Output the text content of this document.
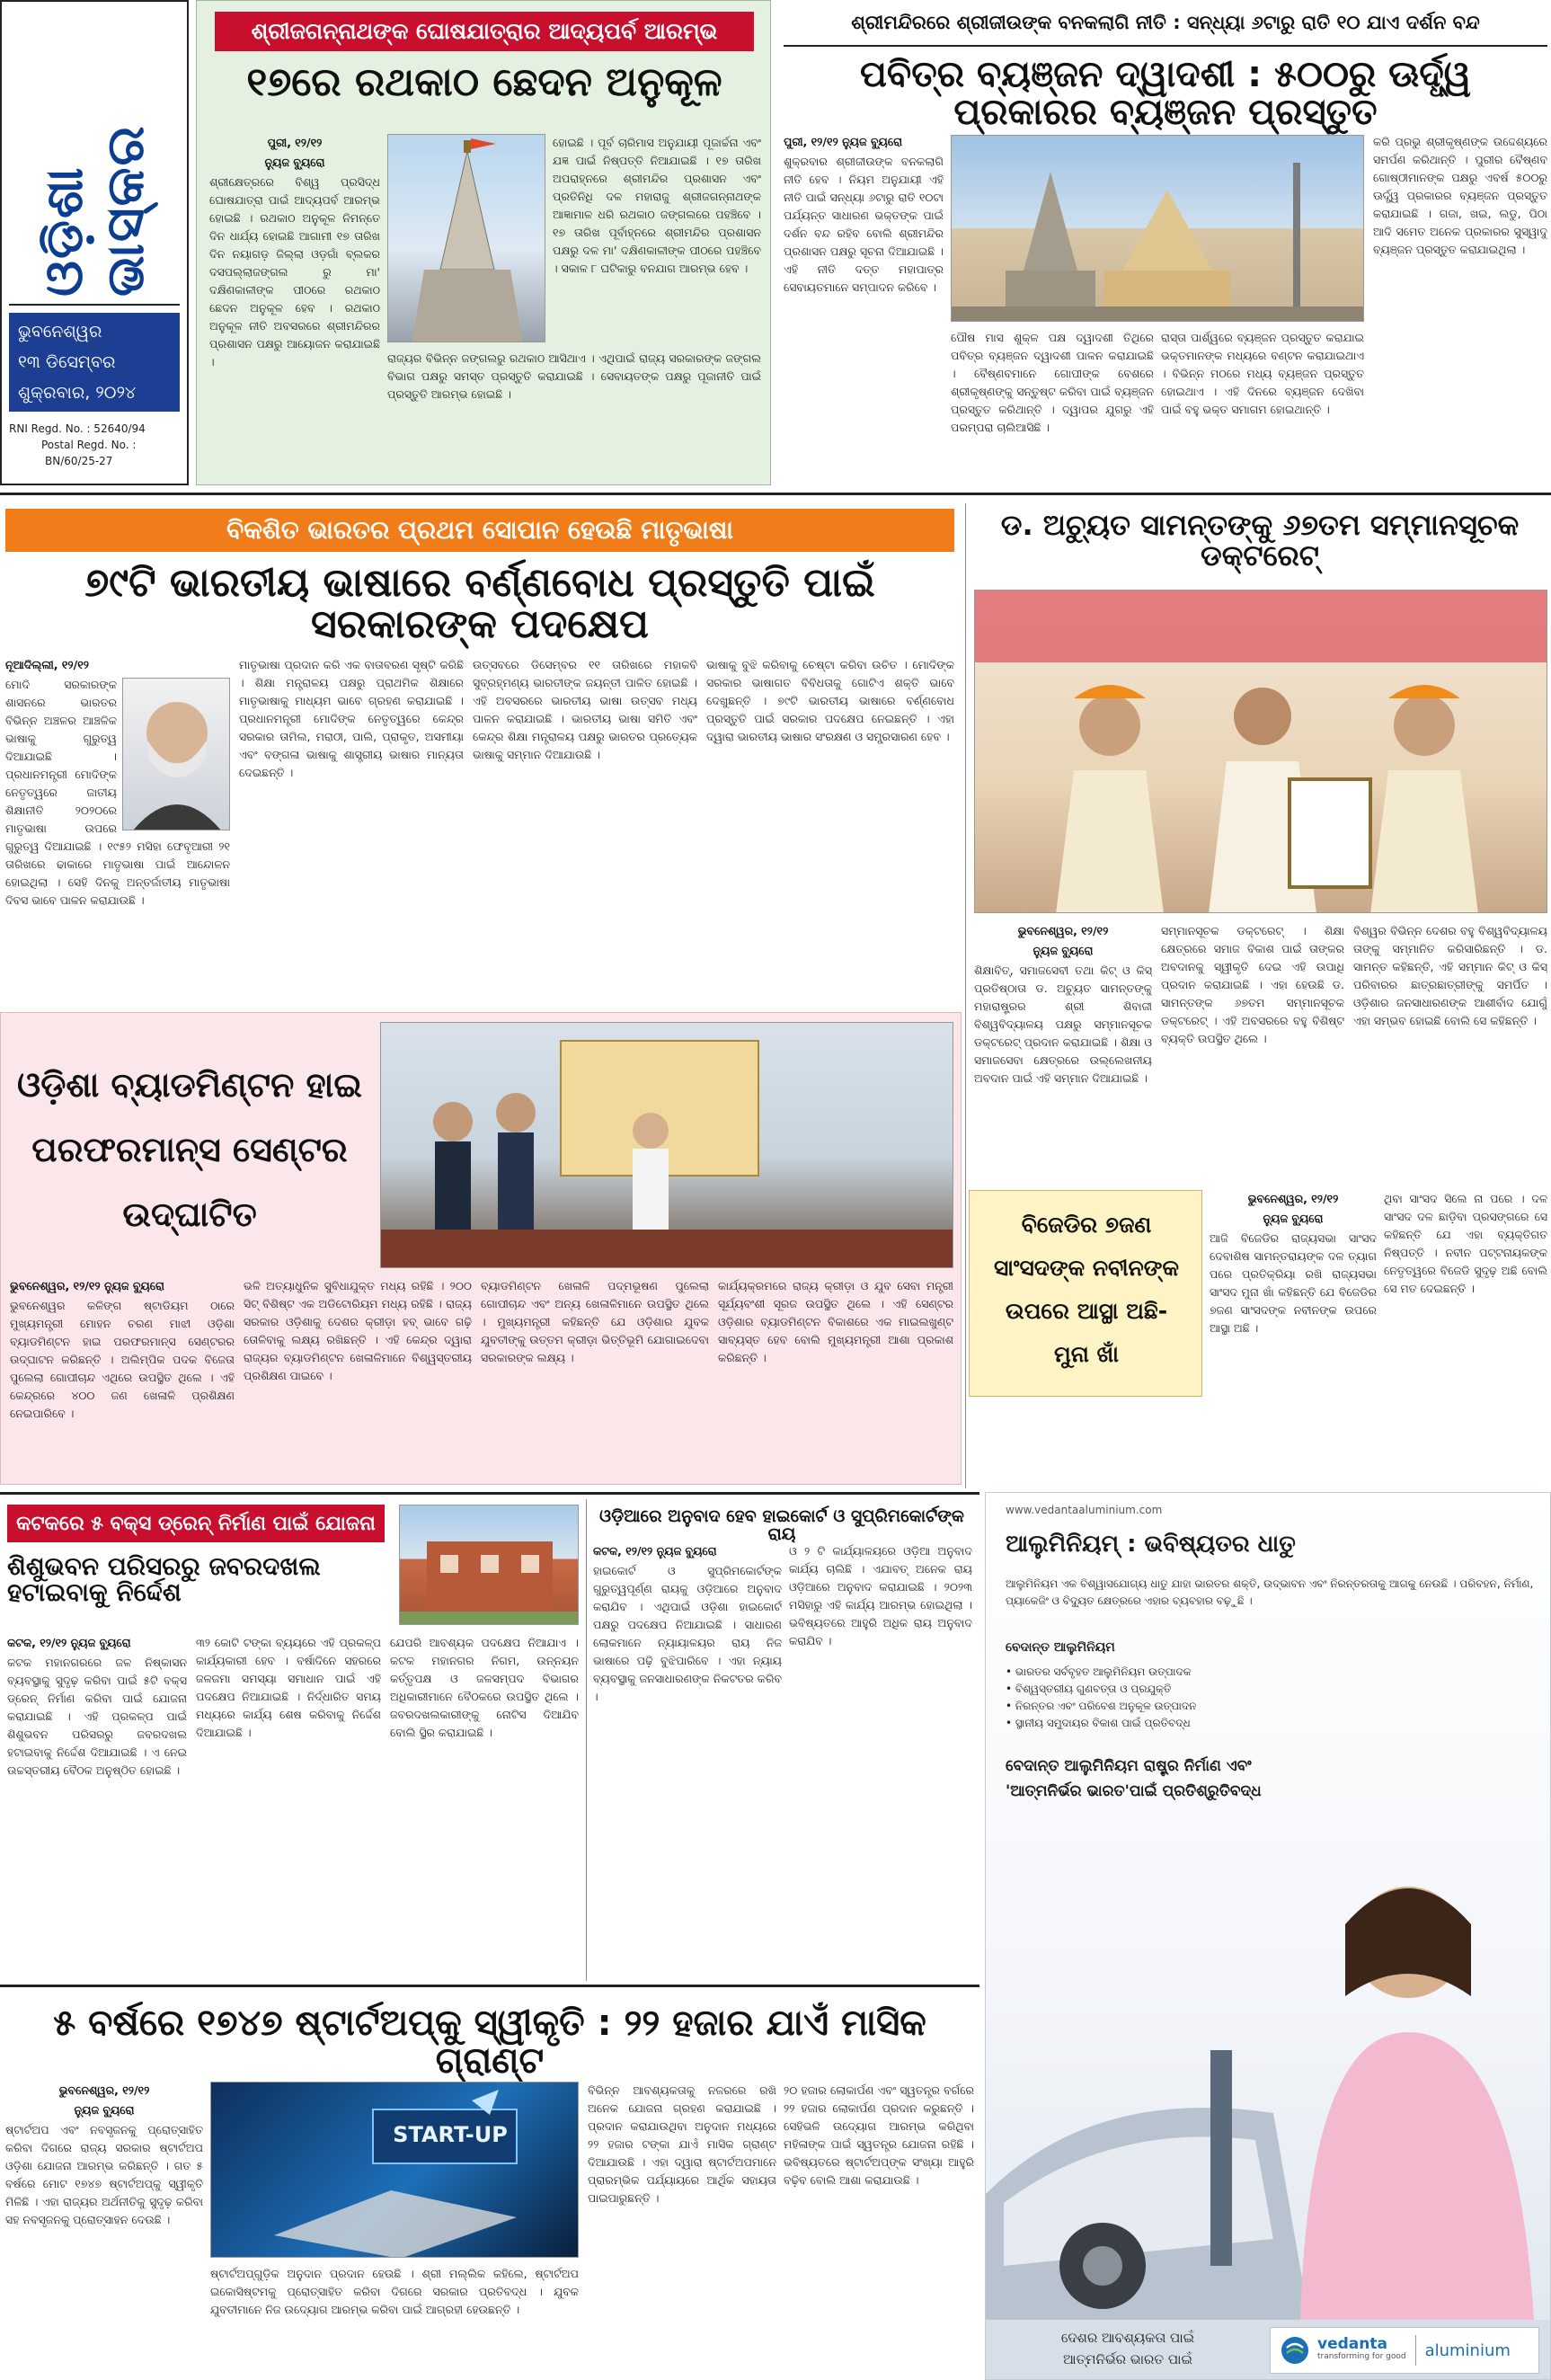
ଓଡ଼ିଶା ଭାସ୍କର
ଭୁବନେଶ୍ୱର
୧୩ ଡିସେମ୍ବର
ଶୁକ୍ରବାର, ୨୦୨୪
RNI Regd. No. : 52640/94
Postal Regd. No. :
BN/60/25-27
ଶ୍ରୀଜଗନ୍ନାଥଙ୍କ ଘୋଷଯାତ୍ରାର ଆଦ୍ୟପର୍ବ ଆରମ୍ଭ
୧୭ରେ ରଥକାଠ ଛେଦନ ଅନୁକୂଳ

ପୁରୀ, ୧୨/୧୨

ନ୍ୟୁଜ ବ୍ୟୁରୋ

ଶ୍ରୀକ୍ଷେତ୍ରରେ ବିଶ୍ୱ ପ୍ରସିଦ୍ଧ ଘୋଷଯାତ୍ରା ପାଇଁ ଆଦ୍ୟପର୍ବ ଆରମ୍ଭ ହୋଇଛି । ରଥକାଠ ଅନୁକୂଳ ନିମନ୍ତେ ଦିନ ଧାର୍ଯ୍ୟ ହୋଇଛି ଆଗାମୀ ୧୭ ତାରିଖ ଦିନ ନୟାଗଡ଼ ଜିଲ୍ଲା ଓଡ଼ଗାଁ ବ୍ଲକର ଦସପଲ୍ଲାଜଙ୍ଗଲ ରୁ ମା' ଦକ୍ଷିଣକାଳୀଙ୍କ ପୀଠରେ ରଥକାଠ ଛେଦନ ଅନୁକୂଳ ହେବ । ରଥକାଠ ଅନୁକୂଳ ନୀତି ଅବସରରେ ଶ୍ରୀମନ୍ଦିରର ପ୍ରଶାସନ ପକ୍ଷରୁ ଆୟୋଜନ କରାଯାଇଛି ।

ହୋଇଛି । ପୂର୍ବ ଚାରିମାସ ଅନୁଯାୟୀ ପୂଜାର୍ଚ୍ଚନା ଏବଂ ଯଜ୍ଞ ପାଇଁ ନିଷ୍ପତ୍ତି ନିଆଯାଇଛି । ୧୭ ତାରିଖ ଅପରାହ୍ନରେ ଶ୍ରୀମନ୍ଦିର ପ୍ରଶାସନ ଏବଂ ପ୍ରତିନିଧି ଦଳ ମହାରାଜୁ ଶ୍ରୀଜଗନ୍ନାଥଙ୍କ ଆଜ୍ଞାମାଳ ଧରି ରଥକାଠ ଜଙ୍ଗଲରେ ପହଞ୍ଚିବେ । ୧୭ ତାରିଖ ପୂର୍ବାହ୍ନରେ ଶ୍ରୀମନ୍ଦିର ପ୍ରଶାସନ ପକ୍ଷରୁ ଦଳ ମା' ଦକ୍ଷିଣକାଳୀଙ୍କ ପୀଠରେ ପହଞ୍ଚିବେ । ସକାଳ ୮ ଘଟିକାରୁ ବନଯାଗ ଆରମ୍ଭ ହେବ ।
ରାଜ୍ୟର ବିଭିନ୍ନ ଜଙ୍ଗଲରୁ ରଥକାଠ ଆସିଥାଏ । ଏଥିପାଇଁ ରାଜ୍ୟ ସରକାରଙ୍କ ଜଙ୍ଗଲ ବିଭାଗ ପକ୍ଷରୁ ସମସ୍ତ ପ୍ରସ୍ତୁତି କରାଯାଇଛି । ସେବାୟତଙ୍କ ପକ୍ଷରୁ ପୂଜାନୀତି ପାଇଁ ପ୍ରସ୍ତୁତି ଆରମ୍ଭ ହୋଇଛି ।
ଶ୍ରୀମନ୍ଦିରରେ ଶ୍ରୀଜୀଉଙ୍କ ବନକଲାଗି ନୀତି : ସନ୍ଧ୍ୟା ୬ଟାରୁ ରାତି ୧୦ ଯାଏ ଦର୍ଶନ ବନ୍ଦ
ପବିତ୍ର ବ୍ୟଞ୍ଜନ ଦ୍ୱାଦଶୀ : ୫୦୦ରୁ ଊର୍ଦ୍ଧ୍ୱ ପ୍ରକାରର ବ୍ୟଞ୍ଜନ ପ୍ରସ୍ତୁତ

ପୁରୀ, ୧୨/୧୨ ନ୍ୟୁଜ ବ୍ୟୁରୋ

ଶୁକ୍ରବାର ଶ୍ରୀଜୀଉଙ୍କ ବନକଲାଗି ନୀତି ହେବ । ନିୟମ ଅନୁଯାୟୀ ଏହି ନୀତି ପାଇଁ ସନ୍ଧ୍ୟା ୬ଟାରୁ ରାତି ୧୦ଟା ପର୍ଯ୍ୟନ୍ତ ସାଧାରଣ ଭକ୍ତଙ୍କ ପାଇଁ ଦର୍ଶନ ବନ୍ଦ ରହିବ ବୋଲି ଶ୍ରୀମନ୍ଦିର ପ୍ରଶାସନ ପକ୍ଷରୁ ସୂଚନା ଦିଆଯାଇଛି । ଏହି ନୀତି ଦତ୍ତ ମହାପାତ୍ର ସେବାୟତମାନେ ସମ୍ପାଦନ କରିବେ ।

ପୌଷ ମାସ ଶୁକ୍ଳ ପକ୍ଷ ଦ୍ୱାଦଶୀ ତିଥିରେ ପବିତ୍ର ବ୍ୟଞ୍ଜନ ଦ୍ୱାଦଶୀ ପାଳନ କରାଯାଇଛି । ବୈଷ୍ଣବମାନେ ଗୋପୀଙ୍କ ବେଶରେ ଶ୍ରୀକୃଷ୍ଣଙ୍କୁ ସନ୍ତୁଷ୍ଟ କରିବା ପାଇଁ ବ୍ୟଞ୍ଜନ ପ୍ରସ୍ତୁତ କରିଥାନ୍ତି । ଦ୍ୱାପର ଯୁଗରୁ ଏହି ପରମ୍ପରା ଚାଲିଆସିଛି ।
ରାସ୍ତା ପାର୍ଶ୍ୱରେ ବ୍ୟଞ୍ଜନ ପ୍ରସ୍ତୁତ କରାଯାଇ ଭକ୍ତମାନଙ୍କ ମଧ୍ୟରେ ବଣ୍ଟନ କରାଯାଇଥାଏ । ବିଭିନ୍ନ ମଠରେ ମଧ୍ୟ ବ୍ୟଞ୍ଜନ ପ୍ରସ୍ତୁତ ହୋଇଥାଏ । ଏହି ଦିନରେ ବ୍ୟଞ୍ଜନ ଦେଖିବା ପାଇଁ ବହୁ ଭକ୍ତ ସମାଗମ ହୋଇଥାନ୍ତି ।
କରି ପ୍ରଭୁ ଶ୍ରୀକୃଷ୍ଣଙ୍କ ଉଦ୍ଦେଶ୍ୟରେ ସମର୍ପଣ କରିଥାନ୍ତି । ପୁରୀର ବୈଷ୍ଣବ ଗୋଷ୍ଠୀମାନଙ୍କ ପକ୍ଷରୁ ଏବର୍ଷ ୫୦୦ରୁ ଊର୍ଦ୍ଧ୍ୱ ପ୍ରକାରର ବ୍ୟଞ୍ଜନ ପ୍ରସ୍ତୁତ କରାଯାଇଛି । ଗଜା, ଖଇ, ଲଡୁ, ପିଠା ଆଦି ସମେତ ଅନେକ ପ୍ରକାରର ସୁସ୍ୱାଦୁ ବ୍ୟଞ୍ଜନ ପ୍ରସ୍ତୁତ କରାଯାଇଥିଲା ।
ବିକଶିତ ଭାରତର ପ୍ରଥମ ସୋପାନ ହେଉଛି ମାତୃଭାଷା
୭୯ଟି ଭାରତୀୟ ଭାଷାରେ ବର୍ଣ୍ଣବୋଧ ପ୍ରସ୍ତୁତି ପାଇଁ ସରକାରଙ୍କ ପଦକ୍ଷେପ

ନୂଆଦିଲ୍ଲୀ, ୧୨/୧୨

ମୋଦି ସରକାରଙ୍କ ଶାସନରେ ଭାରତର ବିଭିନ୍ନ ଅଞ୍ଚଳର ଆଞ୍ଚଳିକ ଭାଷାକୁ ଗୁରୁତ୍ୱ ଦିଆଯାଇଛି । ପ୍ରଧାନମନ୍ତ୍ରୀ ମୋଦିଙ୍କ ନେତୃତ୍ୱରେ ଜାତୀୟ ଶିକ୍ଷାନୀତି ୨୦୨୦ରେ ମାତୃଭାଷା ଉପରେ ଗୁରୁତ୍ୱ ଦିଆଯାଇଛି । ୧୯୫୨ ମସିହା ଫେବୃଆରୀ ୨୧ ତାରିଖରେ ଢାକାରେ ମାତୃଭାଷା ପାଇଁ ଆନ୍ଦୋଳନ ହୋଇଥିଲା । ସେହି ଦିନକୁ ଅନ୍ତର୍ଜାତୀୟ ମାତୃଭାଷା ଦିବସ ଭାବେ ପାଳନ କରାଯାଉଛି ।
ମାତୃଭାଷା ପ୍ରଦାନ କରି ଏକ ବାତାବରଣ ସୃଷ୍ଟି କରିଛି । ଶିକ୍ଷା ମନ୍ତ୍ରାଳୟ ପକ୍ଷରୁ ପ୍ରାଥମିକ ଶିକ୍ଷାରେ ମାତୃଭାଷାକୁ ମାଧ୍ୟମ ଭାବେ ଗ୍ରହଣ କରାଯାଇଛି । ପ୍ରଧାନମନ୍ତ୍ରୀ ମୋଦିଙ୍କ ନେତୃତ୍ୱରେ କେନ୍ଦ୍ର ସରକାର ତାମିଲ, ମରାଠୀ, ପାଲି, ପ୍ରାକୃତ, ଅସମୀୟା ଏବଂ ବଙ୍ଗଳା ଭାଷାକୁ ଶାସ୍ତ୍ରୀୟ ଭାଷାର ମାନ୍ୟତା ଦେଇଛନ୍ତି ।
ଉତ୍ସବରେ ଡିସେମ୍ବର ୧୧ ତାରିଖରେ ମହାକବି ସୁବ୍ରହ୍ମଣ୍ୟ ଭାରତୀଙ୍କ ଜୟନ୍ତୀ ପାଳିତ ହୋଇଛି । ଏହି ଅବସରରେ ଭାରତୀୟ ଭାଷା ଉତ୍ସବ ମଧ୍ୟ ପାଳନ କରାଯାଇଛି । ଭାରତୀୟ ଭାଷା ସମିତି ଏବଂ କେନ୍ଦ୍ର ଶିକ୍ଷା ମନ୍ତ୍ରାଳୟ ପକ୍ଷରୁ ଭାରତର ପ୍ରତ୍ୟେକ ଭାଷାକୁ ସମ୍ମାନ ଦିଆଯାଉଛି ।
ଭାଷାକୁ ବୁଝି କରିବାକୁ ଚେଷ୍ଟା କରିବା ଉଚିତ । ମୋଦିଙ୍କ ସରକାର ଭାଷାଗତ ବିବିଧତାକୁ ଗୋଟିଏ ଶକ୍ତି ଭାବେ ଦେଖୁଛନ୍ତି । ୭୯ଟି ଭାରତୀୟ ଭାଷାରେ ବର୍ଣ୍ଣବୋଧ ପ୍ରସ୍ତୁତି ପାଇଁ ସରକାର ପଦକ୍ଷେପ ନେଇଛନ୍ତି । ଏହା ଦ୍ୱାରା ଭାରତୀୟ ଭାଷାର ସଂରକ୍ଷଣ ଓ ସମ୍ପ୍ରସାରଣ ହେବ ।
ଡ. ଅଚ୍ୟୁତ ସାମନ୍ତଙ୍କୁ ୬୭ତମ ସମ୍ମାନସୂଚକ ଡକ୍ଟରେଟ୍

ଭୁବନେଶ୍ୱର, ୧୨/୧୨

ନ୍ୟୁଜ ବ୍ୟୁରୋ

ଶିକ୍ଷାବିତ୍, ସମାଜସେବୀ ତଥା କିଟ୍ ଓ କିସ୍ ପ୍ରତିଷ୍ଠାତା ଡ. ଅଚ୍ୟୁତ ସାମନ୍ତଙ୍କୁ ମହାରାଷ୍ଟ୍ରର ଶ୍ରୀ ଶିବାଜୀ ବିଶ୍ୱବିଦ୍ୟାଳୟ ପକ୍ଷରୁ ସମ୍ମାନସୂଚକ ଡକ୍ଟରେଟ୍ ପ୍ରଦାନ କରାଯାଇଛି । ଶିକ୍ଷା ଓ ସମାଜସେବା କ୍ଷେତ୍ରରେ ଉଲ୍ଲେଖନୀୟ ଅବଦାନ ପାଇଁ ଏହି ସମ୍ମାନ ଦିଆଯାଇଛି ।

ସମ୍ମାନସୂଚକ ଡକ୍ଟରେଟ୍ । ଶିକ୍ଷା କ୍ଷେତ୍ରରେ ସମାଜ ବିକାଶ ପାଇଁ ତାଙ୍କର ଅବଦାନକୁ ସ୍ୱୀକୃତି ଦେଇ ଏହି ଉପାଧି ପ୍ରଦାନ କରାଯାଇଛି । ଏହା ହେଉଛି ଡ. ସାମନ୍ତଙ୍କ ୬୭ତମ ସମ୍ମାନସୂଚକ ଡକ୍ଟରେଟ୍ । ଏହି ଅବସରରେ ବହୁ ବିଶିଷ୍ଟ ବ୍ୟକ୍ତି ଉପସ୍ଥିତ ଥିଲେ ।
ବିଶ୍ୱର ବିଭିନ୍ନ ଦେଶର ବହୁ ବିଶ୍ୱବିଦ୍ୟାଳୟ ତାଙ୍କୁ ସମ୍ମାନିତ କରିସାରିଛନ୍ତି । ଡ. ସାମନ୍ତ କହିଛନ୍ତି, ଏହି ସମ୍ମାନ କିଟ୍ ଓ କିସ୍ ପରିବାରର ଛାତ୍ରଛାତ୍ରୀଙ୍କୁ ସମର୍ପିତ । ଓଡ଼ିଶାର ଜନସାଧାରଣଙ୍କ ଆଶୀର୍ବାଦ ଯୋଗୁଁ ଏହା ସମ୍ଭବ ହୋଇଛି ବୋଲି ସେ କହିଛନ୍ତି ।
ଓଡ଼ିଶା ବ୍ୟାଡମିଣ୍ଟନ ହାଇ
ପରଫରମାନ୍ସ ସେଣ୍ଟର ଉଦ୍‌ଘାଟିତ

ଭୁବନେଶ୍ୱର, ୧୨/୧୨ ନ୍ୟୁଜ ବ୍ୟୁରୋ

ଭୁବନେଶ୍ୱର କଳିଙ୍ଗ ଷ୍ଟାଡିୟମ ଠାରେ ମୁଖ୍ୟମନ୍ତ୍ରୀ ମୋହନ ଚରଣ ମାଝୀ ଓଡ଼ିଶା ବ୍ୟାଡମିଣ୍ଟନ ହାଇ ପରଫରମାନ୍ସ ସେଣ୍ଟରର ଉଦ୍‌ଘାଟନ କରିଛନ୍ତି । ଅଲିମ୍ପିକ ପଦକ ବିଜେତା ପୁଲେଲା ଗୋପୀଚାନ୍ଦ ଏଥିରେ ଉପସ୍ଥିତ ଥିଲେ । ଏହି କେନ୍ଦ୍ରରେ ୪୦୦ ଜଣ ଖେଳାଳି ପ୍ରଶିକ୍ଷଣ ନେଇପାରିବେ ।

ଭଳି ଅତ୍ୟାଧୁନିକ ସୁବିଧାଯୁକ୍ତ ମଧ୍ୟ ରହିଛି । ୨୦୦ ସିଟ୍ ବିଶିଷ୍ଟ ଏକ ଅଡିଟୋରିୟମ ମଧ୍ୟ ରହିଛି । ରାଜ୍ୟ ସରକାର ଓଡ଼ିଶାକୁ ଦେଶର କ୍ରୀଡ଼ା ହବ୍ ଭାବେ ଗଢ଼ି ତୋଳିବାକୁ ଲକ୍ଷ୍ୟ ରଖିଛନ୍ତି । ଏହି କେନ୍ଦ୍ର ଦ୍ୱାରା ରାଜ୍ୟର ବ୍ୟାଡମିଣ୍ଟନ ଖେଳାଳିମାନେ ବିଶ୍ୱସ୍ତରୀୟ ପ୍ରଶିକ୍ଷଣ ପାଇବେ ।
ବ୍ୟାଡମିଣ୍ଟନ ଖେଳାଳି ପଦ୍ମଭୂଷଣ ପୁଲେଲା ଗୋପୀଚାନ୍ଦ ଏବଂ ଅନ୍ୟ ଖେଳାଳିମାନେ ଉପସ୍ଥିତ ଥିଲେ । ମୁଖ୍ୟମନ୍ତ୍ରୀ କହିଛନ୍ତି ଯେ ଓଡ଼ିଶାର ଯୁବକ ଯୁବତୀଙ୍କୁ ଉତ୍ତମ କ୍ରୀଡ଼ା ଭିତ୍ତିଭୂମି ଯୋଗାଇଦେବା ସରକାରଙ୍କ ଲକ୍ଷ୍ୟ ।
କାର୍ଯ୍ୟକ୍ରମରେ ରାଜ୍ୟ କ୍ରୀଡ଼ା ଓ ଯୁବ ସେବା ମନ୍ତ୍ରୀ ସୂର୍ଯ୍ୟବଂଶୀ ସୂରଜ ଉପସ୍ଥିତ ଥିଲେ । ଏହି ସେଣ୍ଟର ଓଡ଼ିଶାର ବ୍ୟାଡମିଣ୍ଟନ ବିକାଶରେ ଏକ ମାଇଲଖୁଣ୍ଟ ସାବ୍ୟସ୍ତ ହେବ ବୋଲି ମୁଖ୍ୟମନ୍ତ୍ରୀ ଆଶା ପ୍ରକାଶ କରିଛନ୍ତି ।
ବିଜେଡିର ୭ଜଣ
ସାଂସଦଙ୍କ ନବୀନଙ୍କ
ଉପରେ ଆସ୍ଥା ଅଛି-
ମୁନା ଖାଁ

ଭୁବନେଶ୍ୱର, ୧୨/୧୨

ନ୍ୟୁଜ ବ୍ୟୁରୋ

ଆଜି ବିଜେଡିର ରାଜ୍ୟସଭା ସାଂସଦ ଦେବାଶିଷ ସାମନ୍ତରାୟଙ୍କ ଦଳ ତ୍ୟାଗ ପରେ ପ୍ରତିକ୍ରିୟା ରଖି ରାଜ୍ୟସଭା ସାଂସଦ ମୁନା ଖାଁ କହିଛନ୍ତି ଯେ ବିଜେଡିର ୭ଜଣ ସାଂସଦଙ୍କ ନବୀନଙ୍କ ଉପରେ ଆସ୍ଥା ଅଛି ।

ଥିବା ସାଂସଦ ସିଲେ ନା ପରେ । ଦଳ ସାଂସଦ ଦଳ ଛାଡ଼ିବା ପ୍ରସଙ୍ଗରେ ସେ କହିଛନ୍ତି ଯେ ଏହା ବ୍ୟକ୍ତିଗତ ନିଷ୍ପତ୍ତି । ନବୀନ ପଟ୍ଟନାୟକଙ୍କ ନେତୃତ୍ୱରେ ବିଜେଡି ସୁଦୃଢ଼ ଅଛି ବୋଲି ସେ ମତ ଦେଇଛନ୍ତି ।
କଟକରେ ୫ ବକ୍ସ ଡ୍ରେନ୍ ନିର୍ମାଣ ପାଇଁ ଯୋଜନା
ଶିଶୁଭବନ ପରିସରରୁ ଜବରଦଖଲ ହଟାଇବାକୁ ନିର୍ଦ୍ଦେଶ

କଟକ, ୧୨/୧୨ ନ୍ୟୁଜ ବ୍ୟୁରୋ

କଟକ ମହାନଗରରେ ଜଳ ନିଷ୍କାସନ ବ୍ୟବସ୍ଥାକୁ ସୁଦୃଢ଼ କରିବା ପାଇଁ ୫ଟି ବକ୍ସ ଡ୍ରେନ୍ ନିର୍ମାଣ କରିବା ପାଇଁ ଯୋଜନା କରାଯାଇଛି । ଏହି ପ୍ରକଳ୍ପ ପାଇଁ ଶିଶୁଭବନ ପରିସରରୁ ଜବରଦଖଲ ହଟାଇବାକୁ ନିର୍ଦ୍ଦେଶ ଦିଆଯାଇଛି । ଏ ନେଇ ଉଚ୍ଚସ୍ତରୀୟ ବୈଠକ ଅନୁଷ୍ଠିତ ହୋଇଛି ।

୩୨ କୋଟି ଟଙ୍କା ବ୍ୟୟରେ ଏହି ପ୍ରକଳ୍ପ କାର୍ଯ୍ୟକାରୀ ହେବ । ବର୍ଷାଦିନେ ସହରରେ ଜଳଜମା ସମସ୍ୟା ସମାଧାନ ପାଇଁ ଏହି ପଦକ୍ଷେପ ନିଆଯାଇଛି । ନିର୍ଦ୍ଧାରିତ ସମୟ ମଧ୍ୟରେ କାର୍ଯ୍ୟ ଶେଷ କରିବାକୁ ନିର୍ଦ୍ଦେଶ ଦିଆଯାଇଛି ।
ଯେପରି ଆବଶ୍ୟକ ପଦକ୍ଷେପ ନିଆଯାଏ । କଟକ ମହାନଗର ନିଗମ, ଉନ୍ନୟନ କର୍ତ୍ତୃପକ୍ଷ ଓ ଜଳସମ୍ପଦ ବିଭାଗର ଅଧିକାରୀମାନେ ବୈଠକରେ ଉପସ୍ଥିତ ଥିଲେ । ଜବରଦଖଲକାରୀଙ୍କୁ ନୋଟିସ ଦିଆଯିବ ବୋଲି ସ୍ଥିର କରାଯାଇଛି ।
ଓଡ଼ିଆରେ ଅନୁବାଦ ହେବ ହାଇକୋର୍ଟ ଓ ସୁପ୍ରିମକୋର୍ଟଙ୍କ ରାୟ

କଟକ, ୧୨/୧୨ ନ୍ୟୁଜ ବ୍ୟୁରୋ

ହାଇକୋର୍ଟ ଓ ସୁପ୍ରିମକୋର୍ଟଙ୍କ ଗୁରୁତ୍ୱପୂର୍ଣ୍ଣ ରାୟକୁ ଓଡ଼ିଆରେ ଅନୁବାଦ କରାଯିବ । ଏଥିପାଇଁ ଓଡ଼ିଶା ହାଇକୋର୍ଟ ପକ୍ଷରୁ ପଦକ୍ଷେପ ନିଆଯାଇଛି । ସାଧାରଣ ଲୋକମାନେ ନ୍ୟାୟାଳୟର ରାୟ ନିଜ ଭାଷାରେ ପଢ଼ି ବୁଝିପାରିବେ । ଏହା ନ୍ୟାୟ ବ୍ୟବସ୍ଥାକୁ ଜନସାଧାରଣଙ୍କ ନିକଟତର କରିବ ।

ଓ ୨ ଟି କାର୍ଯ୍ୟାଳୟରେ ଓଡ଼ିଆ ଅନୁବାଦ କାର୍ଯ୍ୟ ଚାଲିଛି । ଏଯାବତ୍ ଅନେକ ରାୟ ଓଡ଼ିଆରେ ଅନୁବାଦ କରାଯାଇଛି । ୨୦୨୩ ମସିହାରୁ ଏହି କାର୍ଯ୍ୟ ଆରମ୍ଭ ହୋଇଥିଲା । ଭବିଷ୍ୟତରେ ଆହୁରି ଅଧିକ ରାୟ ଅନୁବାଦ କରାଯିବ ।
୫ ବର୍ଷରେ ୧୭୪୭ ଷ୍ଟାର୍ଟଅପ୍‌କୁ ସ୍ୱୀକୃତି : ୨୨ ହଜାର ଯାଏଁ ମାସିକ ଗ୍ରାଣ୍ଟ

ଭୁବନେଶ୍ୱର, ୧୨/୧୨

ନ୍ୟୁଜ ବ୍ୟୁରୋ

ଷ୍ଟାର୍ଟଅପ ଏବଂ ନବସୃଜନକୁ ପ୍ରୋତ୍ସାହିତ କରିବା ଦିଗରେ ରାଜ୍ୟ ସରକାର ଷ୍ଟାର୍ଟଅପ ଓଡ଼ିଶା ଯୋଜନା ଆରମ୍ଭ କରିଛନ୍ତି । ଗତ ୫ ବର୍ଷରେ ମୋଟ ୧୭୪୭ ଷ୍ଟାର୍ଟଅପ୍‌କୁ ସ୍ୱୀକୃତି ମିଳିଛି । ଏହା ରାଜ୍ୟର ଅର୍ଥନୀତିକୁ ସୁଦୃଢ଼ କରିବା ସହ ନବସୃଜନକୁ ପ୍ରୋତ୍ସାହନ ଦେଉଛି ।

START-UP
ଷ୍ଟାର୍ଟଅପ୍‌ଗୁଡ଼ିକ ଅନୁଦାନ ପ୍ରଦାନ ହେଉଛି । ଶ୍ରୀ ମଲ୍ଲିକ କହିଲେ, ଷ୍ଟାର୍ଟଅପ ଇକୋସିଷ୍ଟମକୁ ପ୍ରୋତ୍ସାହିତ କରିବା ଦିଗରେ ସରକାର ପ୍ରତିବଦ୍ଧ । ଯୁବକ ଯୁବତୀମାନେ ନିଜ ଉଦ୍ୟୋଗ ଆରମ୍ଭ କରିବା ପାଇଁ ଆଗ୍ରହୀ ହେଉଛନ୍ତି ।
ବିଭିନ୍ନ ଆବଶ୍ୟକତାକୁ ନଜରରେ ରଖି ଅନେକ ଯୋଜନା ଗ୍ରହଣ କରାଯାଇଛି । ପ୍ରଦାନ କରାଯାଉଥିବା ଅନୁଦାନ ମଧ୍ୟରେ ୨୨ ହଜାର ଟଙ୍କା ଯାଏଁ ମାସିକ ଗ୍ରାଣ୍ଟ ଦିଆଯାଉଛି । ଏହା ଦ୍ୱାରା ଷ୍ଟାର୍ଟଅପମାନେ ପ୍ରାରମ୍ଭିକ ପର୍ଯ୍ୟାୟରେ ଆର୍ଥିକ ସହାୟତା ପାଇପାରୁଛନ୍ତି ।
୨୦ ହଜାର ଲୋକାର୍ପଣ ଏବଂ ସ୍ୱତନ୍ତ୍ର ବର୍ଗରେ ୨୨ ହଜାର ଲୋକାର୍ପଣ ପ୍ରଦାନ କରୁଛନ୍ତି । ସେହିଭଳି ଉଦ୍ୟୋଗ ଆରମ୍ଭ କରିଥିବା ମହିଳାଙ୍କ ପାଇଁ ସ୍ୱତନ୍ତ୍ର ଯୋଜନା ରହିଛି । ଭବିଷ୍ୟତରେ ଷ୍ଟାର୍ଟଅପ୍‌ଙ୍କ ସଂଖ୍ୟା ଆହୁରି ବଢ଼ିବ ବୋଲି ଆଶା କରାଯାଉଛି ।
www.vedantaaluminium.com
ଆଲୁମିନିୟମ୍ : ଭବିଷ୍ୟତର ଧାତୁ
ଆଲୁମିନିୟମ ଏକ ବିଶ୍ୱାସଯୋଗ୍ୟ ଧାତୁ ଯାହା ଭାରତର ଶକ୍ତି, ଉଦ୍ଭାବନ ଏବଂ ନିରନ୍ତରତାକୁ ଆଗକୁ ନେଉଛି । ପରିବହନ, ନିର୍ମାଣ, ପ୍ୟାକେଜିଂ ଓ ବିଦ୍ୟୁତ କ୍ଷେତ୍ରରେ ଏହାର ବ୍ୟବହାର ବଢ଼ୁଛି ।
ବେଦାନ୍ତ ଆଲୁମିନିୟମ
• ଭାରତର ସର୍ବବୃହତ ଆଲୁମିନିୟମ ଉତ୍ପାଦକ
• ବିଶ୍ୱସ୍ତରୀୟ ଗୁଣବତ୍ତା ଓ ପ୍ରଯୁକ୍ତି
• ନିରନ୍ତର ଏବଂ ପରିବେଶ ଅନୁକୂଳ ଉତ୍ପାଦନ
• ସ୍ଥାନୀୟ ସମୁଦାୟର ବିକାଶ ପାଇଁ ପ୍ରତିବଦ୍ଧ
ବେଦାନ୍ତ ଆଲୁମିନିୟମ ରାଷ୍ଟ୍ର ନିର୍ମାଣ ଏବଂ
'ଆତ୍ମନିର୍ଭର ଭାରତ'ପାଇଁ ପ୍ରତିଶ୍ରୁତିବଦ୍ଧ
ଦେଶର ଆବଶ୍ୟକତା ପାଇଁ
ଆତ୍ମନିର୍ଭର ଭାରତ ପାଇଁ
vedanta
transforming for good aluminium
